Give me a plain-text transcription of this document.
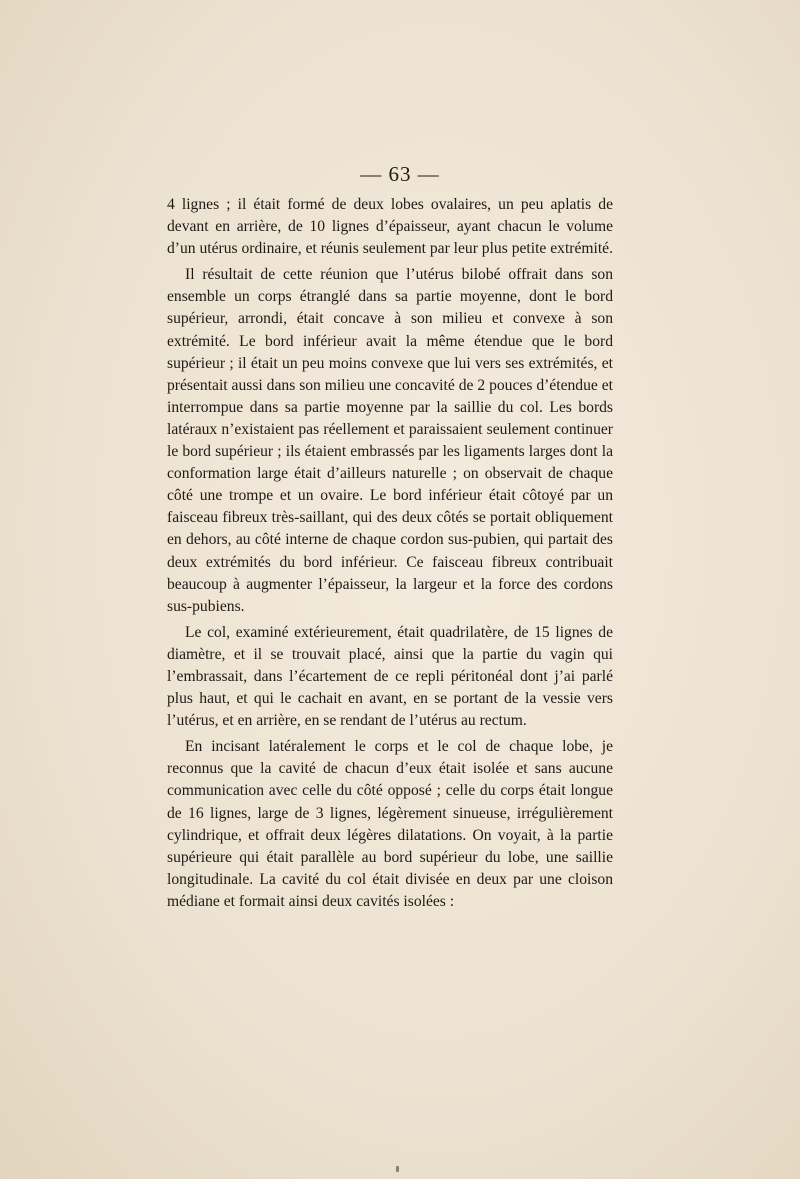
— 63 —

4 lignes ; il était formé de deux lobes ovalaires, un peu aplatis de devant en arrière, de 10 lignes d’épaisseur, ayant chacun le volume d’un utérus ordinaire, et réunis seulement par leur plus petite extrémité.

Il résultait de cette réunion que l’utérus bilobé offrait dans son ensemble un corps étranglé dans sa partie moyenne, dont le bord supérieur, arrondi, était concave à son milieu et convexe à son extrémité. Le bord inférieur avait la même étendue que le bord supérieur ; il était un peu moins convexe que lui vers ses extrémités, et présentait aussi dans son milieu une concavité de 2 pouces d’étendue et interrompue dans sa partie moyenne par la saillie du col. Les bords latéraux n’existaient pas réellement et paraissaient seulement continuer le bord supérieur ; ils étaient embrassés par les ligaments larges dont la conformation large était d’ailleurs naturelle ; on observait de chaque côté une trompe et un ovaire. Le bord inférieur était côtoyé par un faisceau fibreux très-saillant, qui des deux côtés se portait obliquement en dehors, au côté interne de chaque cordon sus-pubien, qui partait des deux extrémités du bord inférieur. Ce faisceau fibreux contribuait beaucoup à augmenter l’épaisseur, la largeur et la force des cordons sus-pubiens.

Le col, examiné extérieurement, était quadrilatère, de 15 lignes de diamètre, et il se trouvait placé, ainsi que la partie du vagin qui l’embrassait, dans l’écartement de ce repli péritonéal dont j’ai parlé plus haut, et qui le cachait en avant, en se portant de la vessie vers l’utérus, et en arrière, en se rendant de l’utérus au rectum.

En incisant latéralement le corps et le col de chaque lobe, je reconnus que la cavité de chacun d’eux était isolée et sans aucune communication avec celle du côté opposé ; celle du corps était longue de 16 lignes, large de 3 lignes, légèrement sinueuse, irrégulièrement cylindrique, et offrait deux légères dilatations. On voyait, à la partie supérieure qui était parallèle au bord supérieur du lobe, une saillie longitudinale. La cavité du col était divisée en deux par une cloison médiane et formait ainsi deux cavités isolées :
